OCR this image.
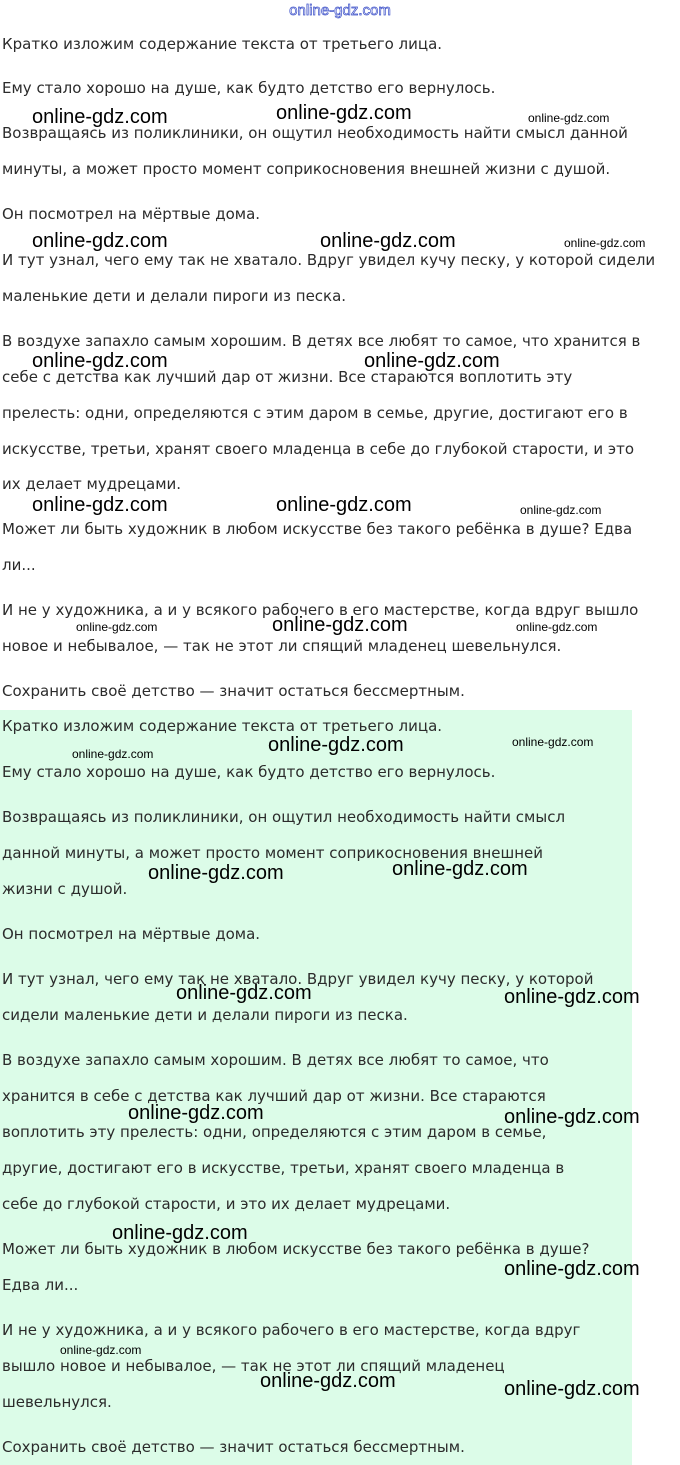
online-gdz.com

Кратко изложим содержание текста от третьего лица.

Ему стало хорошо на душе, как будто детство его вернулось.

Возвращаясь из поликлиники, он ощутил необходимость найти смысл данной

минуты, а может просто момент соприкосновения внешней жизни с душой.

Он посмотрел на мёртвые дома.

И тут узнал, чего ему так не хватало. Вдруг увидел кучу песку, у которой сидели

маленькие дети и делали пироги из песка.

В воздухе запахло самым хорошим. В детях все любят то самое, что хранится в

себе с детства как лучший дар от жизни. Все стараются воплотить эту

прелесть: одни, определяются с этим даром в семье, другие, достигают его в

искусстве, третьи, хранят своего младенца в себе до глубокой старости, и это

их делает мудрецами.

Может ли быть художник в любом искусстве без такого ребёнка в душе? Едва

ли...

И не у художника, а и у всякого рабочего в его мастерстве, когда вдруг вышло

новое и небывалое, — так не этот ли спящий младенец шевельнулся.

Сохранить своё детство — значит остаться бессмертным.

Кратко изложим содержание текста от третьего лица.

Ему стало хорошо на душе, как будто детство его вернулось.

Возвращаясь из поликлиники, он ощутил необходимость найти смысл

данной минуты, а может просто момент соприкосновения внешней

жизни с душой.

Он посмотрел на мёртвые дома.

И тут узнал, чего ему так не хватало. Вдруг увидел кучу песку, у которой

сидели маленькие дети и делали пироги из песка.

В воздухе запахло самым хорошим. В детях все любят то самое, что

хранится в себе с детства как лучший дар от жизни. Все стараются

воплотить эту прелесть: одни, определяются с этим даром в семье,

другие, достигают его в искусстве, третьи, хранят своего младенца в

себе до глубокой старости, и это их делает мудрецами.

Может ли быть художник в любом искусстве без такого ребёнка в душе?

Едва ли...

И не у художника, а и у всякого рабочего в его мастерстве, когда вдруг

вышло новое и небывалое, — так не этот ли спящий младенец

шевельнулся.

Сохранить своё детство — значит остаться бессмертным.

online-gdz.com	online-gdz.com	online-gdz.com
online-gdz.com	online-gdz.com	online-gdz.com
online-gdz.com	online-gdz.com
online-gdz.com	online-gdz.com	online-gdz.com
online-gdz.com	online-gdz.com	online-gdz.com
online-gdz.com	online-gdz.com	online-gdz.com
online-gdz.com	online-gdz.com
online-gdz.com	online-gdz.com
online-gdz.com	online-gdz.com
online-gdz.com
online-gdz.com
online-gdz.com
online-gdz.com	online-gdz.com
